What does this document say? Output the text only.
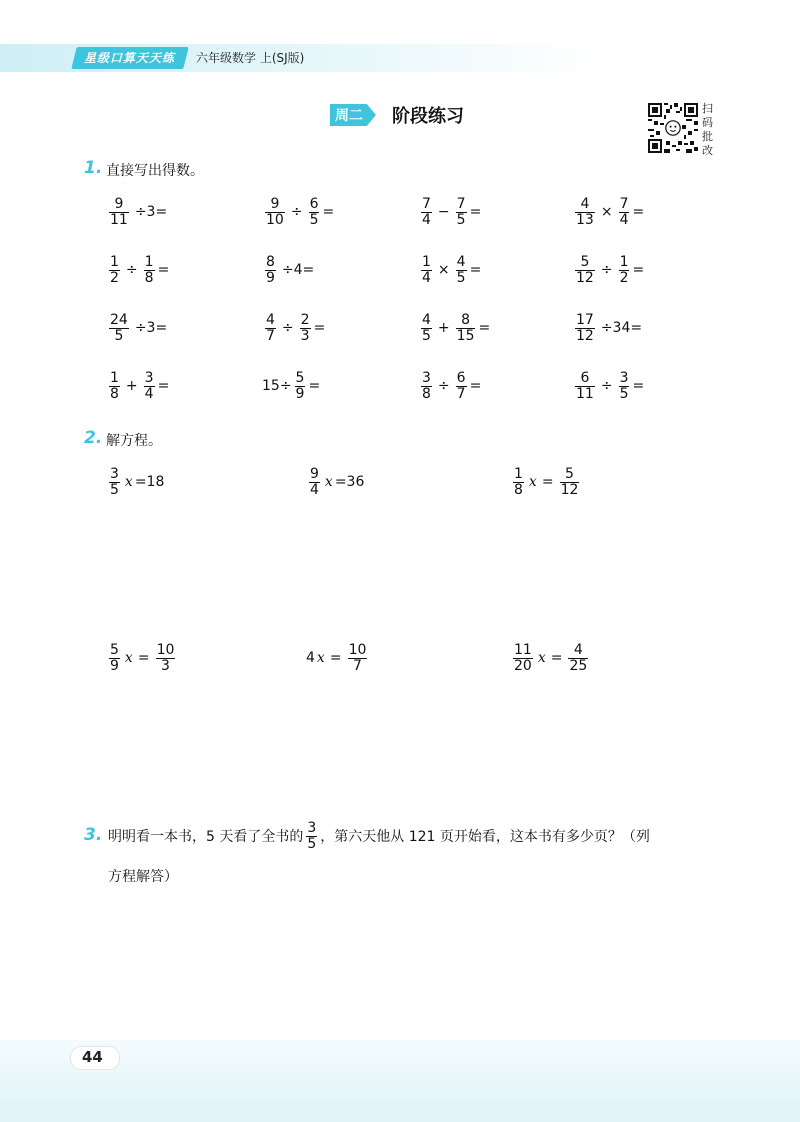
星级口算天天练 六年级数学 上(SJ版)
周二 阶段练习	扫码批改
1. 直接写出得数。
$\frac{9}{11} \div 3=$	$\frac{9}{10} \div \frac{6}{5}$ =	$\frac{7}{4} - \frac{7}{5}$ =	$\frac{4}{13} \times \frac{7}{4}$ =
$\frac{1}{2} \div \frac{1}{8}$ =	$\frac{8}{9} \div 4=$	$\frac{1}{4} \times \frac{4}{5}$ =	$\frac{5}{12} \div \frac{1}{2}$ =
$\frac{24}{5} \div 3=$	$\frac{4}{7} \div \frac{2}{3}$ =	$\frac{4}{5} + \frac{8}{15}$ =	$\frac{17}{12} \div 34=$
$\frac{1}{8} + \frac{3}{4}$ =	$15\div \frac{5}{9}$ =	$\frac{3}{8} \div \frac{6}{7}$ =	$\frac{6}{11} \div \frac{3}{5}$ =
2. 解方程。
$\frac{3}{5}$ x =18	$\frac{9}{4}$ x =36	$\frac{1}{8}$ $x = \frac{5}{12}$
$\frac{5}{9}$ $x = \frac{10}{3}$	4 $x = \frac{10}{7}$	$\frac{11}{20}$ $x = \frac{4}{25}$
3. 明明看一本书，5 天看了全书的 $\frac{3}{5}$ ，第六天他从 121 页开始看，这本书有多少页？（列
方程解答）
44
